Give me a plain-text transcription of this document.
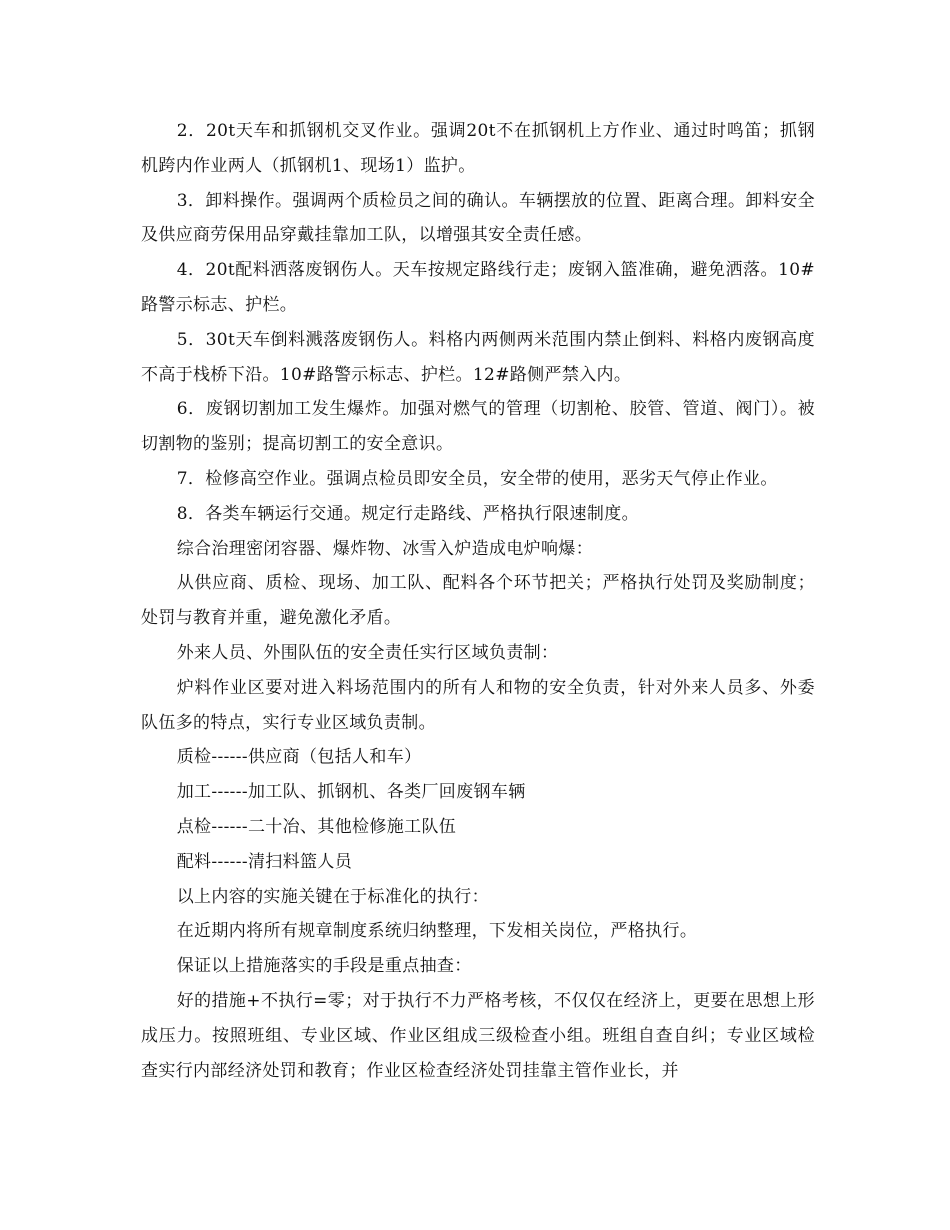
2．20t天车和抓钢机交叉作业。强调20t不在抓钢机上方作业、通过时鸣笛；抓钢机跨内作业两人（抓钢机1、现场1）监护。

3．卸料操作。强调两个质检员之间的确认。车辆摆放的位置、距离合理。卸料安全及供应商劳保用品穿戴挂靠加工队，以增强其安全责任感。

4．20t配料洒落废钢伤人。天车按规定路线行走；废钢入篮准确，避免洒落。10#路警示标志、护栏。

5．30t天车倒料溅落废钢伤人。料格内两侧两米范围内禁止倒料、料格内废钢高度不高于栈桥下沿。10#路警示标志、护栏。12#路侧严禁入内。

6．废钢切割加工发生爆炸。加强对燃气的管理（切割枪、胶管、管道、阀门）。被切割物的鉴别；提高切割工的安全意识。

7．检修高空作业。强调点检员即安全员，安全带的使用，恶劣天气停止作业。

8．各类车辆运行交通。规定行走路线、严格执行限速制度。

综合治理密闭容器、爆炸物、冰雪入炉造成电炉响爆：

从供应商、质检、现场、加工队、配料各个环节把关；严格执行处罚及奖励制度；处罚与教育并重，避免激化矛盾。

外来人员、外围队伍的安全责任实行区域负责制：

炉料作业区要对进入料场范围内的所有人和物的安全负责，针对外来人员多、外委队伍多的特点，实行专业区域负责制。

质检------供应商（包括人和车）

加工------加工队、抓钢机、各类厂回废钢车辆

点检------二十冶、其他检修施工队伍

配料------清扫料篮人员

以上内容的实施关键在于标准化的执行：

在近期内将所有规章制度系统归纳整理，下发相关岗位，严格执行。

保证以上措施落实的手段是重点抽查：

好的措施+不执行=零；对于执行不力严格考核，不仅仅在经济上，更要在思想上形成压力。按照班组、专业区域、作业区组成三级检查小组。班组自查自纠；专业区域检查实行内部经济处罚和教育；作业区检查经济处罚挂靠主管作业长，并
